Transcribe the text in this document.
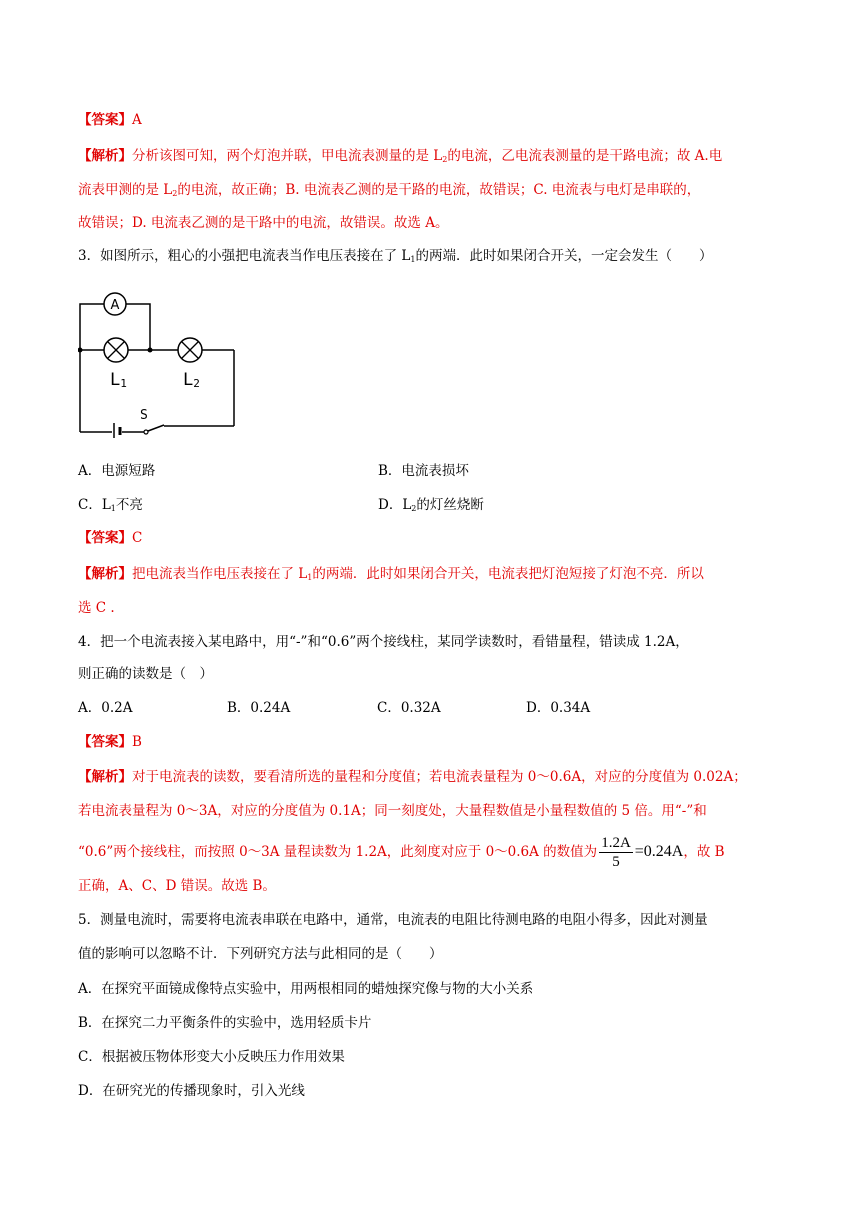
【答案】A
【解析】分析该图可知，两个灯泡并联，甲电流表测量的是 $L_2$的电流，乙电流表测量的是干路电流；故 A.电
流表甲测的是 $L_2$的电流，故正确；B. 电流表乙测的是干路的电流，故错误；C. 电流表与电灯是串联的，
故错误；D. 电流表乙测的是干路中的电流，故错误。故选 A。
3．如图所示，粗心的小强把电流表当作电压表接在了 $L_1$的两端．此时如果闭合开关，一定会发生（　　）
A
L1	L2
S
A．电源短路	B．电流表损坏
C．$L_1$不亮	D．$L_2$的灯丝烧断
【答案】C
【解析】把电流表当作电压表接在了 $L_1$的两端．此时如果闭合开关，电流表把灯泡短接了灯泡不亮．所以
选 C .
4．把一个电流表接入某电路中，用“-”和“0.6”两个接线柱，某同学读数时，看错量程，错读成 1.2A，
则正确的读数是（　）
A．0.2A	B．0.24A	C．0.32A	D．0.34A
【答案】B
【解析】对于电流表的读数，要看清所选的量程和分度值；若电流表量程为 0～0.6A，对应的分度值为 0.02A；
若电流表量程为 0～3A，对应的分度值为 0.1A；同一刻度处，大量程数值是小量程数值的 5 倍。用“-”和
“0.6”两个接线柱，而按照 0～3A 量程读数为 1.2A，此刻度对应于 0～0.6A 的数值为 $\frac{1.2A}{5} =0.24A$，故 B
正确，A、C、D 错误。故选 B。
5．测量电流时，需要将电流表串联在电路中，通常，电流表的电阻比待测电路的电阻小得多，因此对测量
值的影响可以忽略不计．下列研究方法与此相同的是（　　）
A．在探究平面镜成像特点实验中，用两根相同的蜡烛探究像与物的大小关系
B．在探究二力平衡条件的实验中，选用轻质卡片
C．根据被压物体形变大小反映压力作用效果
D．在研究光的传播现象时，引入光线
